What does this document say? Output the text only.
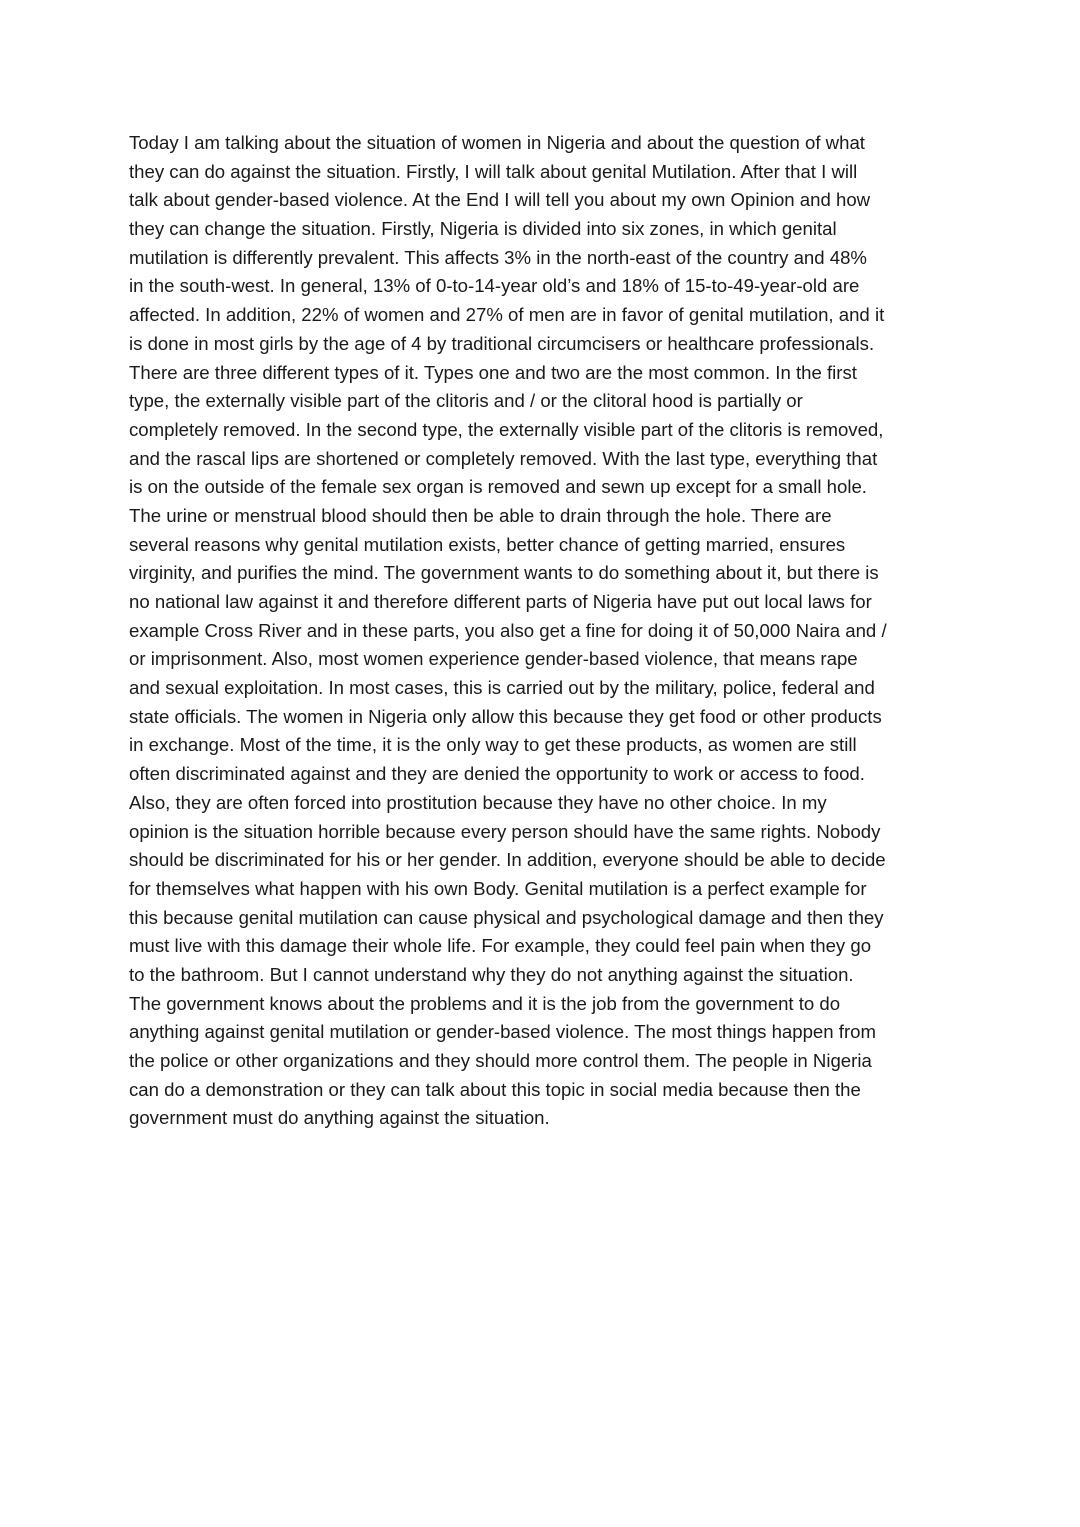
Today I am talking about the situation of women in Nigeria and about the question of what
they can do against the situation. Firstly, I will talk about genital Mutilation. After that I will
talk about gender-based violence. At the End I will tell you about my own Opinion and how
they can change the situation. Firstly, Nigeria is divided into six zones, in which genital
mutilation is differently prevalent. This affects 3% in the north-east of the country and 48%
in the south-west. In general, 13% of 0-to-14-year old’s and 18% of 15-to-49-year-old are
affected. In addition, 22% of women and 27% of men are in favor of genital mutilation, and it
is done in most girls by the age of 4 by traditional circumcisers or healthcare professionals.
There are three different types of it. Types one and two are the most common. In the first
type, the externally visible part of the clitoris and / or the clitoral hood is partially or
completely removed. In the second type, the externally visible part of the clitoris is removed,
and the rascal lips are shortened or completely removed. With the last type, everything that
is on the outside of the female sex organ is removed and sewn up except for a small hole.
The urine or menstrual blood should then be able to drain through the hole. There are
several reasons why genital mutilation exists, better chance of getting married, ensures
virginity, and purifies the mind. The government wants to do something about it, but there is
no national law against it and therefore different parts of Nigeria have put out local laws for
example Cross River and in these parts, you also get a fine for doing it of 50,000 Naira and /
or imprisonment. Also, most women experience gender-based violence, that means rape
and sexual exploitation. In most cases, this is carried out by the military, police, federal and
state officials. The women in Nigeria only allow this because they get food or other products
in exchange. Most of the time, it is the only way to get these products, as women are still
often discriminated against and they are denied the opportunity to work or access to food.
Also, they are often forced into prostitution because they have no other choice. In my
opinion is the situation horrible because every person should have the same rights. Nobody
should be discriminated for his or her gender. In addition, everyone should be able to decide
for themselves what happen with his own Body. Genital mutilation is a perfect example for
this because genital mutilation can cause physical and psychological damage and then they
must live with this damage their whole life. For example, they could feel pain when they go
to the bathroom. But I cannot understand why they do not anything against the situation.
The government knows about the problems and it is the job from the government to do
anything against genital mutilation or gender-based violence. The most things happen from
the police or other organizations and they should more control them. The people in Nigeria
can do a demonstration or they can talk about this topic in social media because then the
government must do anything against the situation.
